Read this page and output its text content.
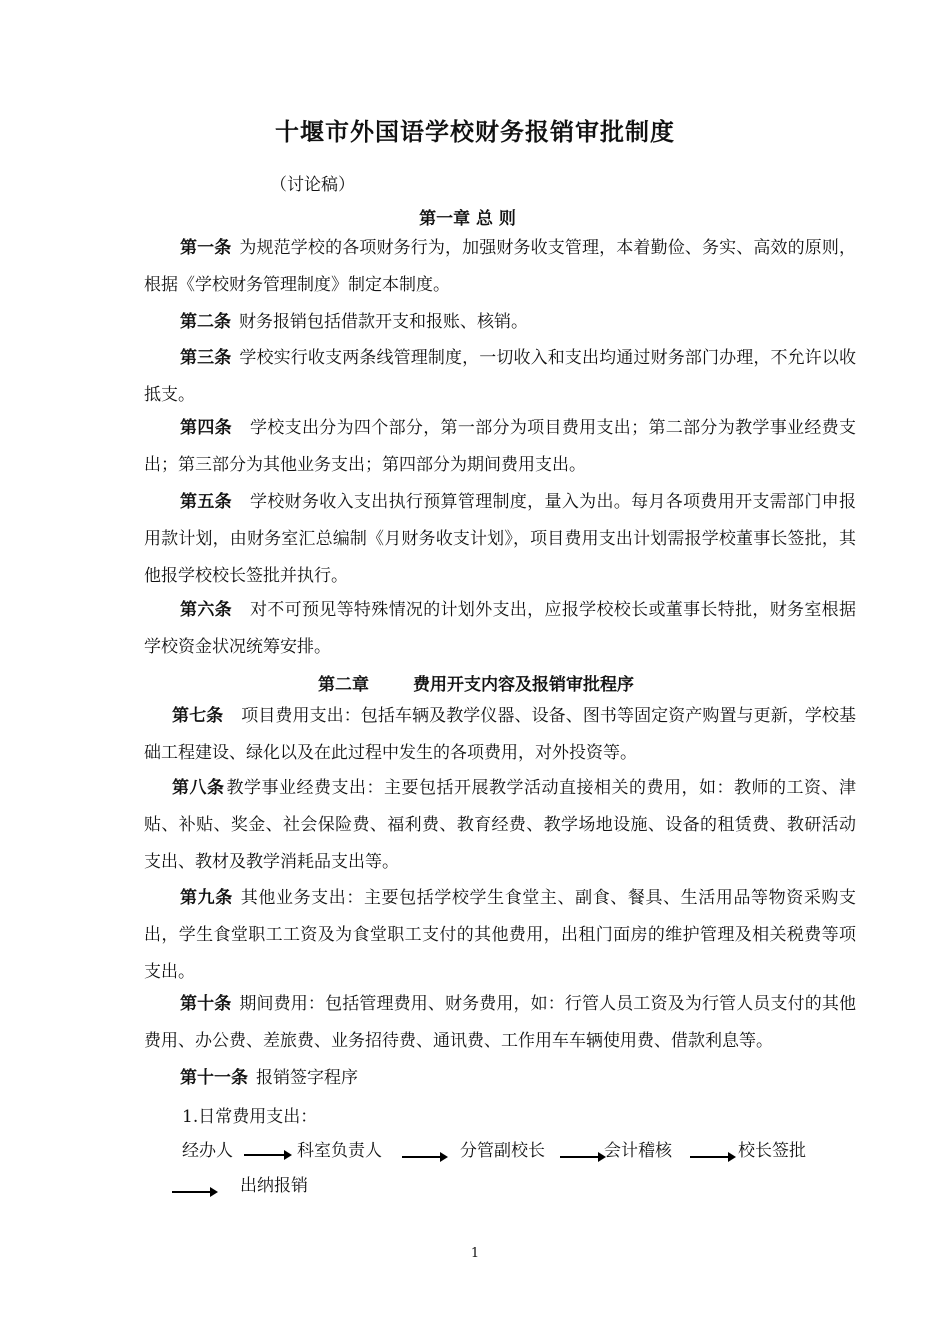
十堰市外国语学校财务报销审批制度
（讨论稿）
第一章 总 则
第一条 为规范学校的各项财务行为，加强财务收支管理，本着勤俭、务实、高效的原则，根据《学校财务管理制度》制定本制度。
第二条 财务报销包括借款开支和报账、核销。
第三条 学校实行收支两条线管理制度，一切收入和支出均通过财务部门办理，不允许以收抵支。
第四条 学校支出分为四个部分，第一部分为项目费用支出；第二部分为教学事业经费支出；第三部分为其他业务支出；第四部分为期间费用支出。
第五条 学校财务收入支出执行预算管理制度，量入为出。每月各项费用开支需部门申报用款计划，由财务室汇总编制《月财务收支计划》，项目费用支出计划需报学校董事长签批，其他报学校校长签批并执行。
第六条 对不可预见等特殊情况的计划外支出，应报学校校长或董事长特批，财务室根据学校资金状况统筹安排。
第二章	费用开支内容及报销审批程序
第七条 项目费用支出：包括车辆及教学仪器、设备、图书等固定资产购置与更新，学校基础工程建设、绿化以及在此过程中发生的各项费用，对外投资等。
第八条 教学事业经费支出：主要包括开展教学活动直接相关的费用，如：教师的工资、津贴、补贴、奖金、社会保险费、福利费、教育经费、教学场地设施、设备的租赁费、教研活动支出、教材及教学消耗品支出等。
第九条 其他业务支出：主要包括学校学生食堂主、副食、餐具、生活用品等物资采购支出，学生食堂职工工资及为食堂职工支付的其他费用，出租门面房的维护管理及相关税费等项支出。
第十条 期间费用：包括管理费用、财务费用，如：行管人员工资及为行管人员支付的其他费用、办公费、差旅费、业务招待费、通讯费、工作用车车辆使用费、借款利息等。
第十一条 报销签字程序
1.日常费用支出：
经办人	科室负责人	分管副校长	会计稽核	校长签批
出纳报销
1
